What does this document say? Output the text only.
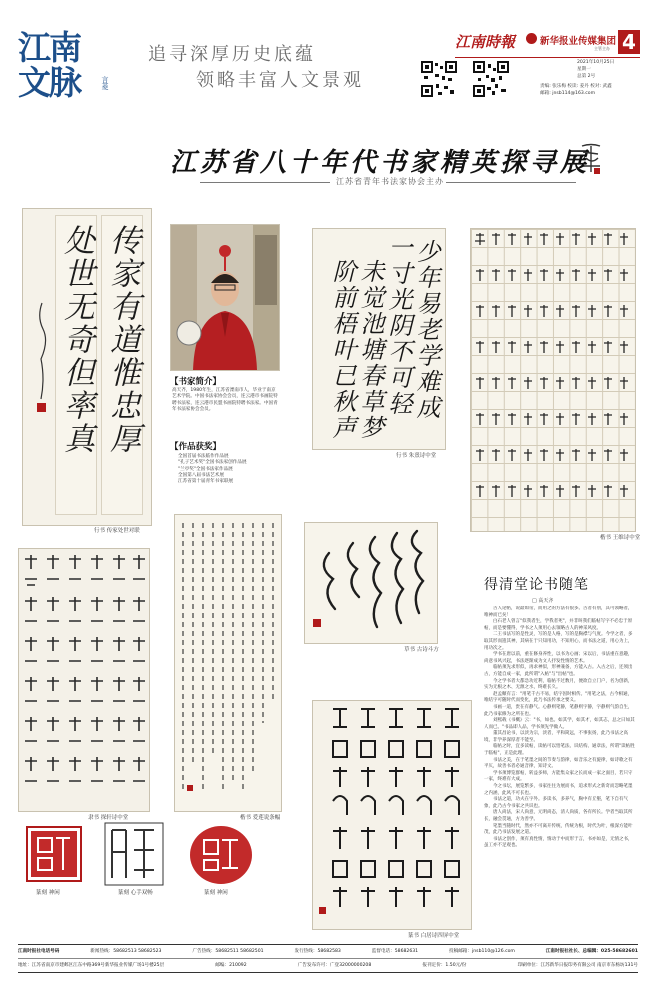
江南文脉	言菱
追寻深厚历史底蕴
领略丰富人文景观
江南時報	新华报业传媒集团
主管主办 4
2021年10月25日
星期一
总第 2号
责编: 张乐梅 校读: 姜丹 校对: 武鑫
邮箱: jnsb114@163.com
江苏省八十年代书家精英探寻展
江苏省青年书法家协会主办
传家有道惟忠厚
处世无奇但率真
行书 传家处世对联
【书家简介】
高天齐，1980年生，江苏省溧南市人，毕业于南京艺术学院。中国书法家协会会员，连云港市书画院特聘书法家，连云港市民盟书画院特聘书法家。中国青年书法家协会会员。
【作品获奖】
全国首届书法临作作品展
"孔子艺术奖"全国书法家创作品展
"兰亭奖"全国书法家作品展
全国第八届书法艺术展
江苏省第十届青年书家联展
少年易老学难成
一寸光阴不可轻
未觉池塘春草梦
阶前梧叶已秋声
行书 朱熹诗中堂
楷书 王维诗中堂
隶书 探轩诗中堂	楷书 爱莲说条幅
草书 古诗斗方
篆书 白居诗四屏中堂
篆刻 神闲	篆刻 心手双畅	篆刻 神闲
得清堂论书随笔
□ 高天齐

古人论帖，说最如帝，而用之的方法有很多。古者有别，其可领略者，唯神而已矣！

白石老人曾言"似我者生，学我者死"，并非叫我们临帖写字不必忠于原帖，而是要懂得，学书之人须用心去领略古人的神采风度。

二王书法写的是性灵，写的是人格，写的是胸襟与气度。今学之者，多取其形而遗其神，其病在于只知用功，不知用心，而书法之道，用心为上，用功次之。

学书在唐以前，重在修身养性，以书为心画；宋以后，书法重在意趣，尚意书风兴起，书法逐渐成为文人抒发性情的艺术。

临帖须先求形似，再求神似，形神兼备，方能入古。入古之后，还须出古，方能自成一家，此所谓"入帖"与"出帖"也。

今之学书者大都急功近利，临帖不过数月，便欲自立门户，名为创新，实为无根之木、无源之水，终难长久。

赵孟頫有言："用笔千古不易，结字因时相传。"用笔之法，古今相通，唯结字可随时代而变化，此乃书法传承之要义。

书画一道，贵在有静气。心静则笔静，笔静则字静，字静则气韵自生，此乃书家修为之所在也。

刘熙载《书概》云："书，如也。如其学，如其才，如其志，总之曰如其人而已。"书品即人品，学书须先学做人。

董其昌论书，以淡为宗，淡者，平和简远，不事张扬，此乃书法之高境，非学养深厚者不能至。

临帖之时，宜多读帖，读帖可以悟笔法、识结构、通章法，所谓"读帖胜于临帖"，正是此理。

书法之美，在于笔墨之间的节奏与韵律，如音乐之有旋律，如诗歌之有平仄，故善书者必通音律，知诗文。

学书须博览群帖，转益多师，方能集众家之长而成一家之面目，若只守一家，终难有大成。

今之书坛，展览繁多，书家往往为展而书，追求形式之新奇而忽略笔墨之内涵，此风不可长也。

书法之道，功夫在字外。多读书，多养气，胸中有丘壑，笔下自有气象，此乃古今书家之共识也。

唐人尚法，宋人尚意，元明尚态，清人尚质，各有所长。学者当取其所长，融会贯通，方为善学。

笔墨当随时代，然亦不可离开传统，传统为根，时代为叶，根深方能叶茂，此乃书法发展之道。

书法之创作，须有真性情，情动于中而形于言，书亦如是，无情之书，虽工亦不足观也。

江南时报社电话号码	新闻热线：58682513 58682523	广告热线：58682511 58682501	发行热线：58682583	监督电话：58682631	投稿邮箱：jnsb110@126.com	江南时报社社长、总编辑：025-58682601
地址：江苏省南京市建邺区江东中路369号新华报业传媒广场1号楼25层	邮编：210092	广告发布许可：广登32000000208	报刊定价：1.50元/份	印刷单位：江苏新华日报印务有限公司 南京市东杨坊131号
